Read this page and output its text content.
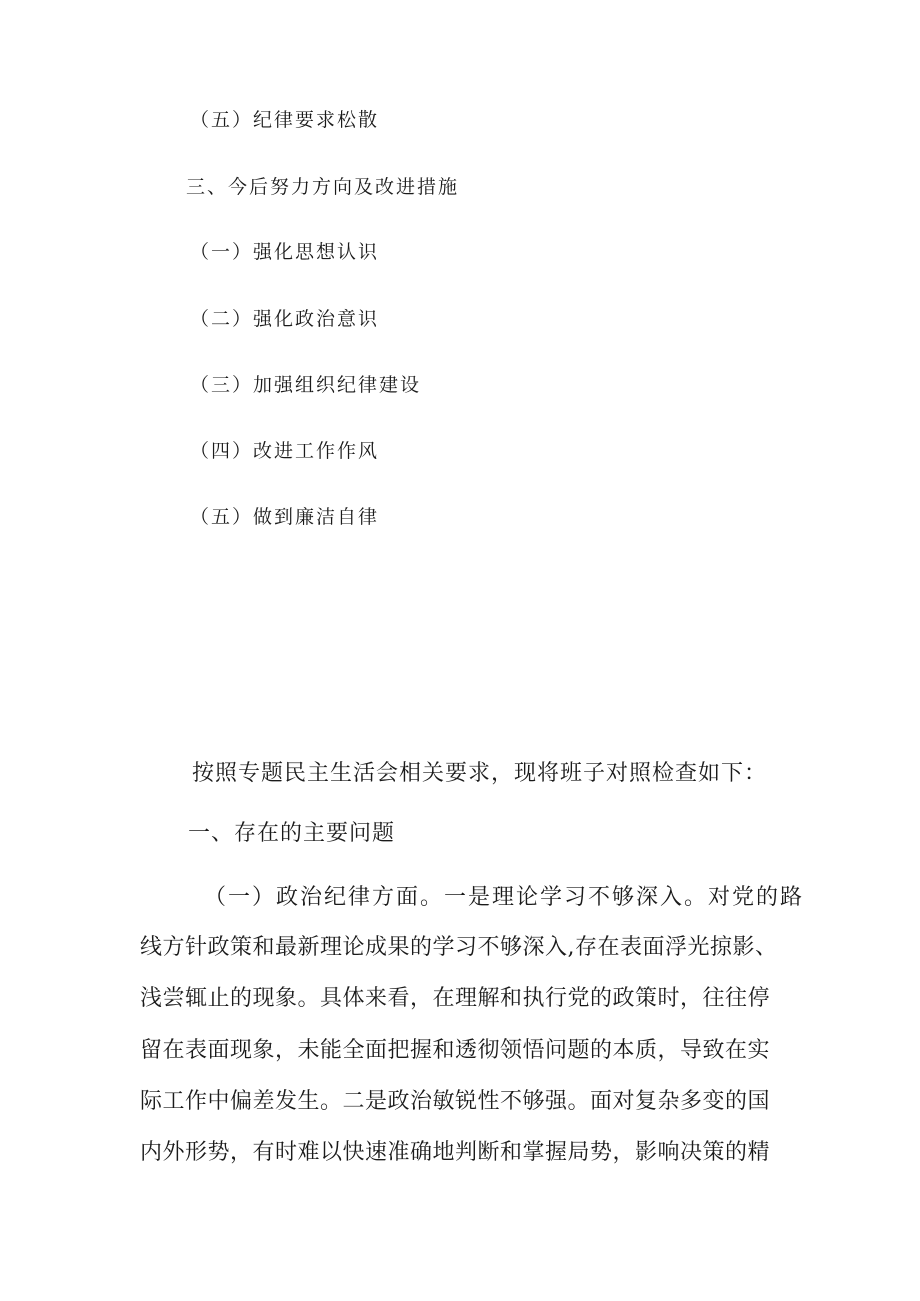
（五）纪律要求松散
三、今后努力方向及改进措施
（一）强化思想认识
（二）强化政治意识
（三）加强组织纪律建设
（四）改进工作作风
（五）做到廉洁自律
按照专题民主生活会相关要求，现将班子对照检查如下：
一、存在的主要问题
（一）政治纪律方面。一是理论学习不够深入。对党的路
线方针政策和最新理论成果的学习不够深入,存在表面浮光掠影、
浅尝辄止的现象。具体来看，在理解和执行党的政策时，往往停
留在表面现象，未能全面把握和透彻领悟问题的本质，导致在实
际工作中偏差发生。二是政治敏锐性不够强。面对复杂多变的国
内外形势，有时难以快速准确地判断和掌握局势，影响决策的精
